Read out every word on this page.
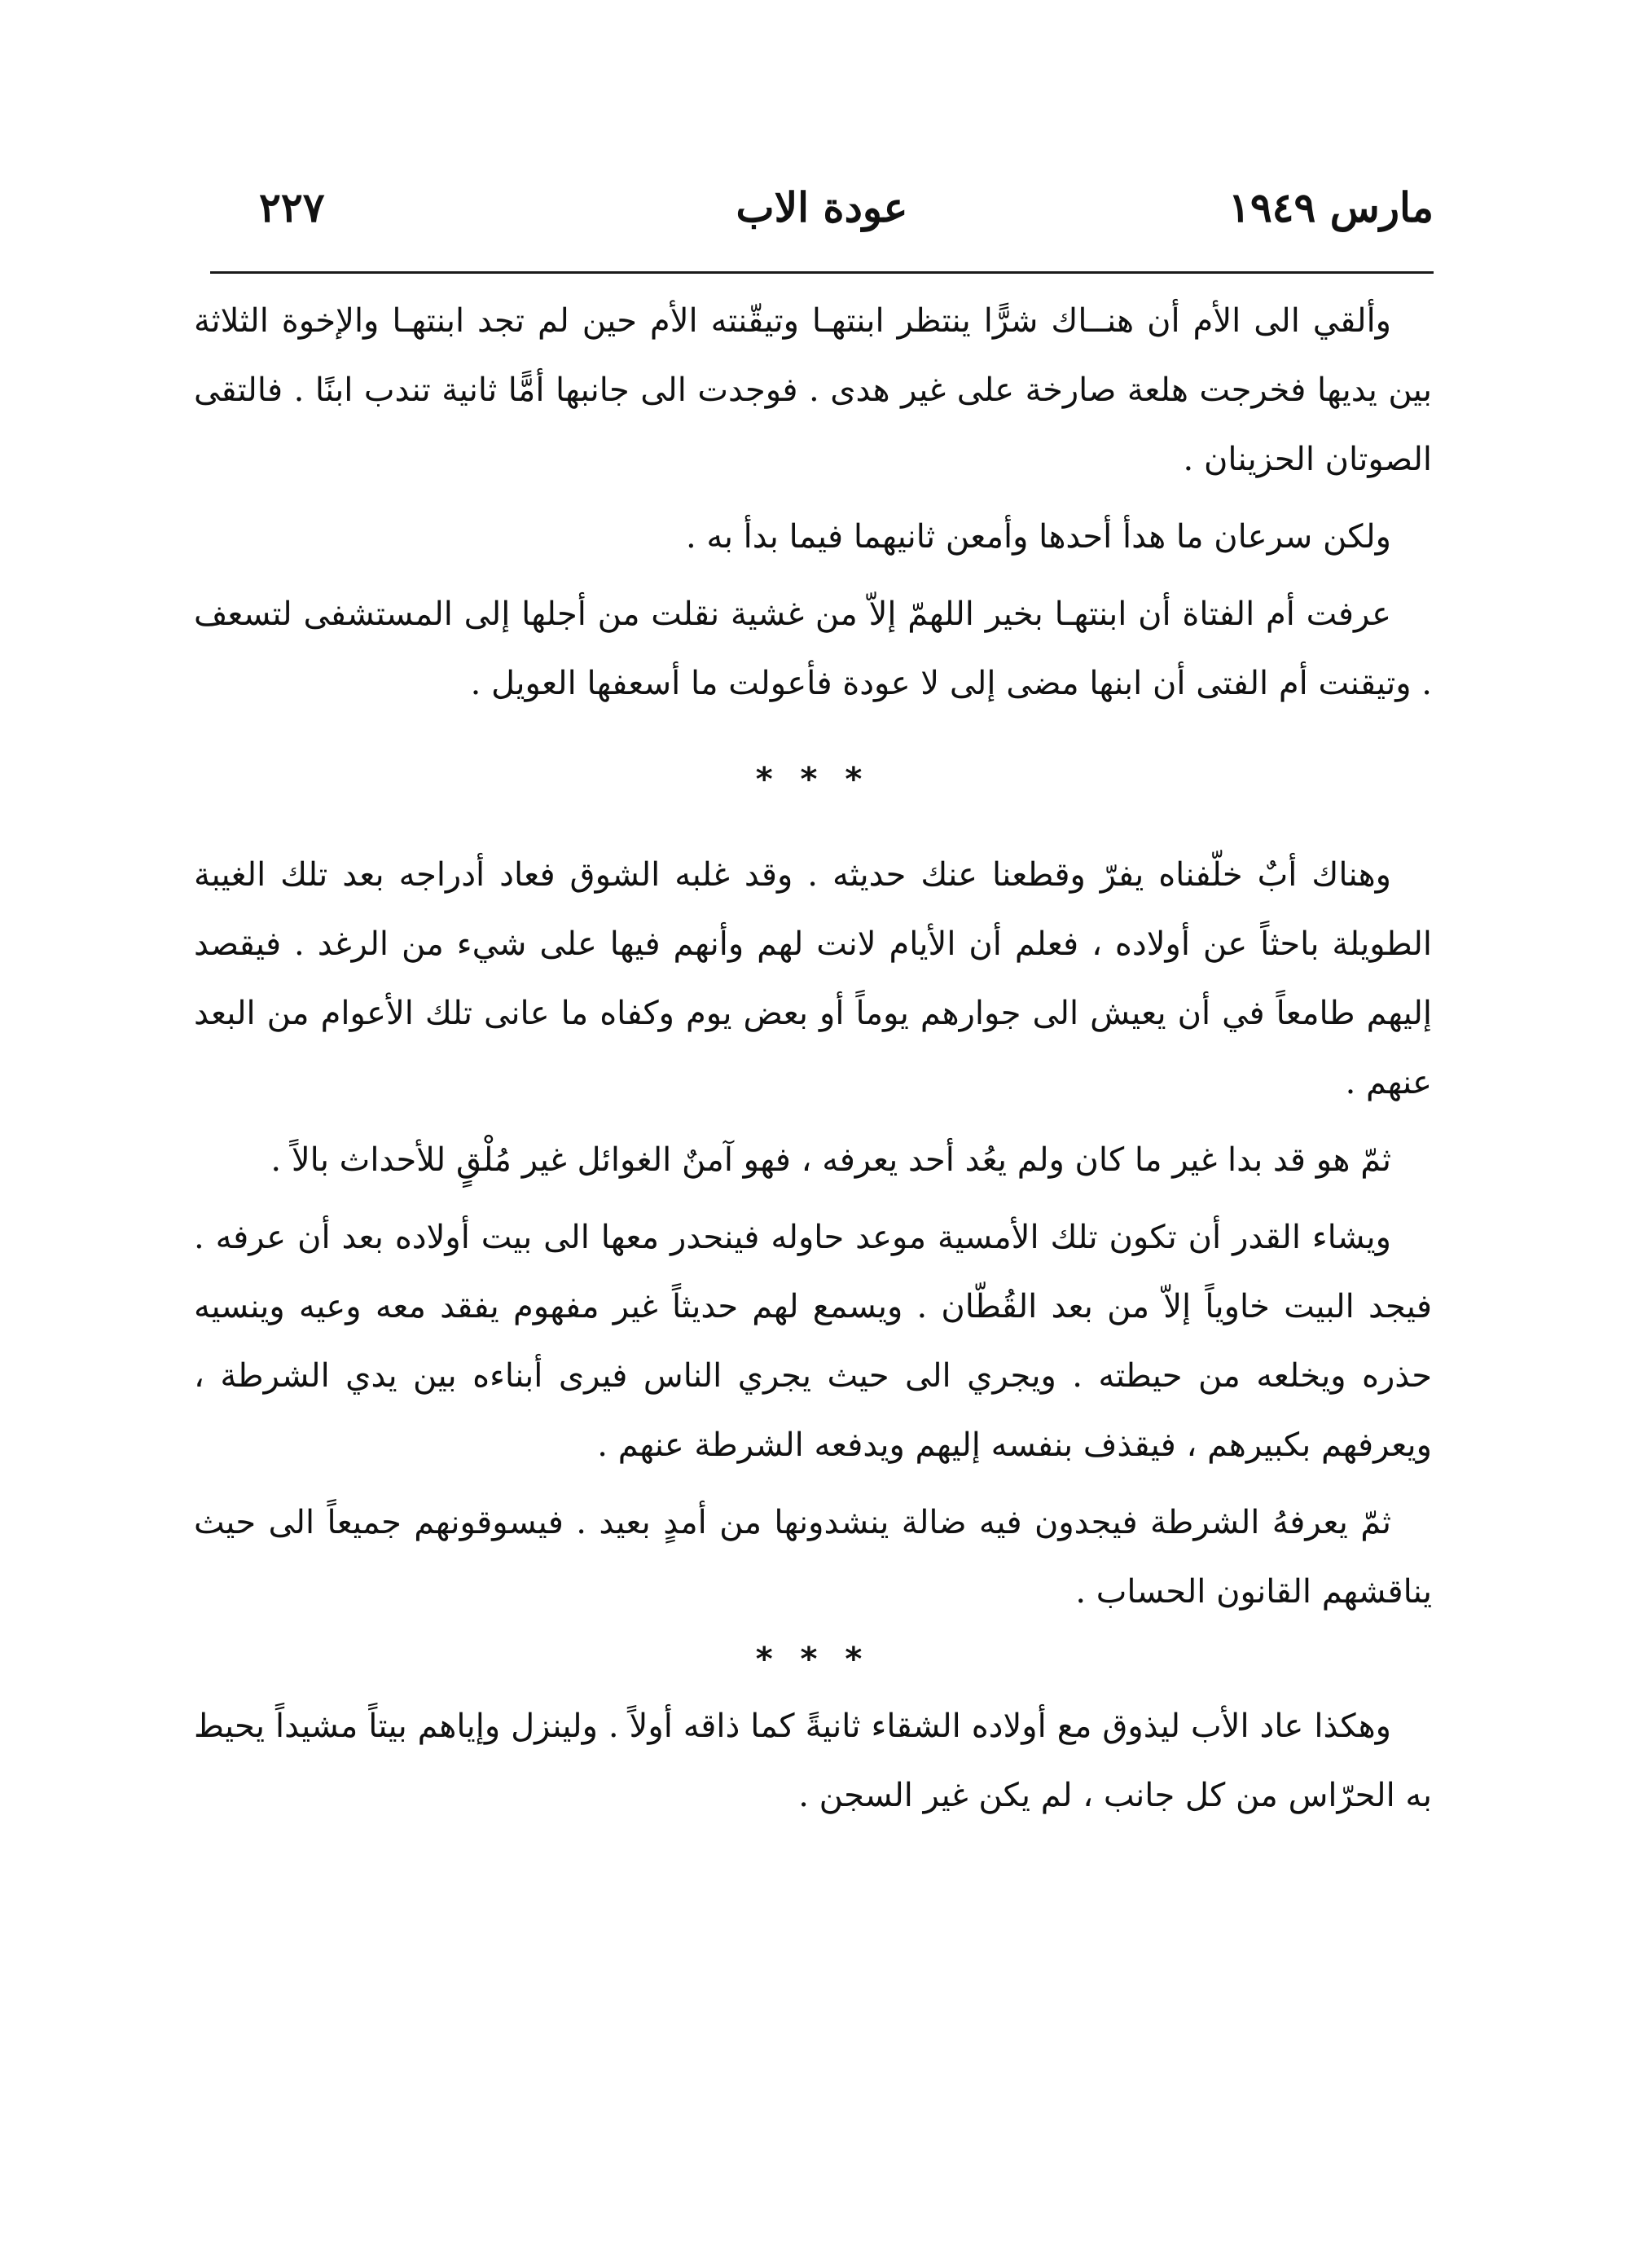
مارس ١٩٤٩
عودة الاب
٢٢٧

وألقي الى الأم أن هنــاك شرًّا ينتظر ابنتهـا وتيقّنته الأم حين لم تجد ابنتهـا والإخوة الثلاثة بين يديها فخرجت هلعة صارخة على غير هدى . فوجدت الى جانبها أمًّا ثانية تندب ابنًا . فالتقى الصوتان الحزينان .

ولكن سرعان ما هدأ أحدها وأمعن ثانيهما فيما بدأ به .

عرفت أم الفتاة أن ابنتهـا بخير اللهمّ إلاّ من غشية نقلت من أجلها إلى المستشفى لتسعف . وتيقنت أم الفتى أن ابنها مضى إلى لا عودة فأعولت ما أسعفها العويل .

* * *

وهناك أبٌ خلّفناه يفرّ وقطعنا عنك حديثه . وقد غلبه الشوق فعاد أدراجه بعد تلك الغيبة الطويلة باحثاً عن أولاده ، فعلم أن الأيام لانت لهم وأنهم فيها على شيء من الرغد . فيقصد إليهم طامعاً في أن يعيش الى جوارهم يوماً أو بعض يوم وكفاه ما عانى تلك الأعوام من البعد عنهم .

ثمّ هو قد بدا غير ما كان ولم يعُد أحد يعرفه ، فهو آمنٌ الغوائل غير مُلْقٍ للأحداث بالاً .

ويشاء القدر أن تكون تلك الأمسية موعد حاوله فينحدر معها الى بيت أولاده بعد أن عرفه . فيجد البيت خاوياً إلاّ من بعد القُطّان . ويسمع لهم حديثاً غير مفهوم يفقد معه وعيه وينسيه حذره ويخلعه من حيطته . ويجري الى حيث يجري الناس فيرى أبناءه بين يدي الشرطة ، ويعرفهم بكبيرهم ، فيقذف بنفسه إليهم ويدفعه الشرطة عنهم .

ثمّ يعرفهُ الشرطة فيجدون فيه ضالة ينشدونها من أمدٍ بعيد . فيسوقونهم جميعاً الى حيث يناقشهم القانون الحساب .

* * *

وهكذا عاد الأب ليذوق مع أولاده الشقاء ثانيةً كما ذاقه أولاً . ولينزل وإياهم بيتاً مشيداً يحيط به الحرّاس من كل جانب ، لم يكن غير السجن .
